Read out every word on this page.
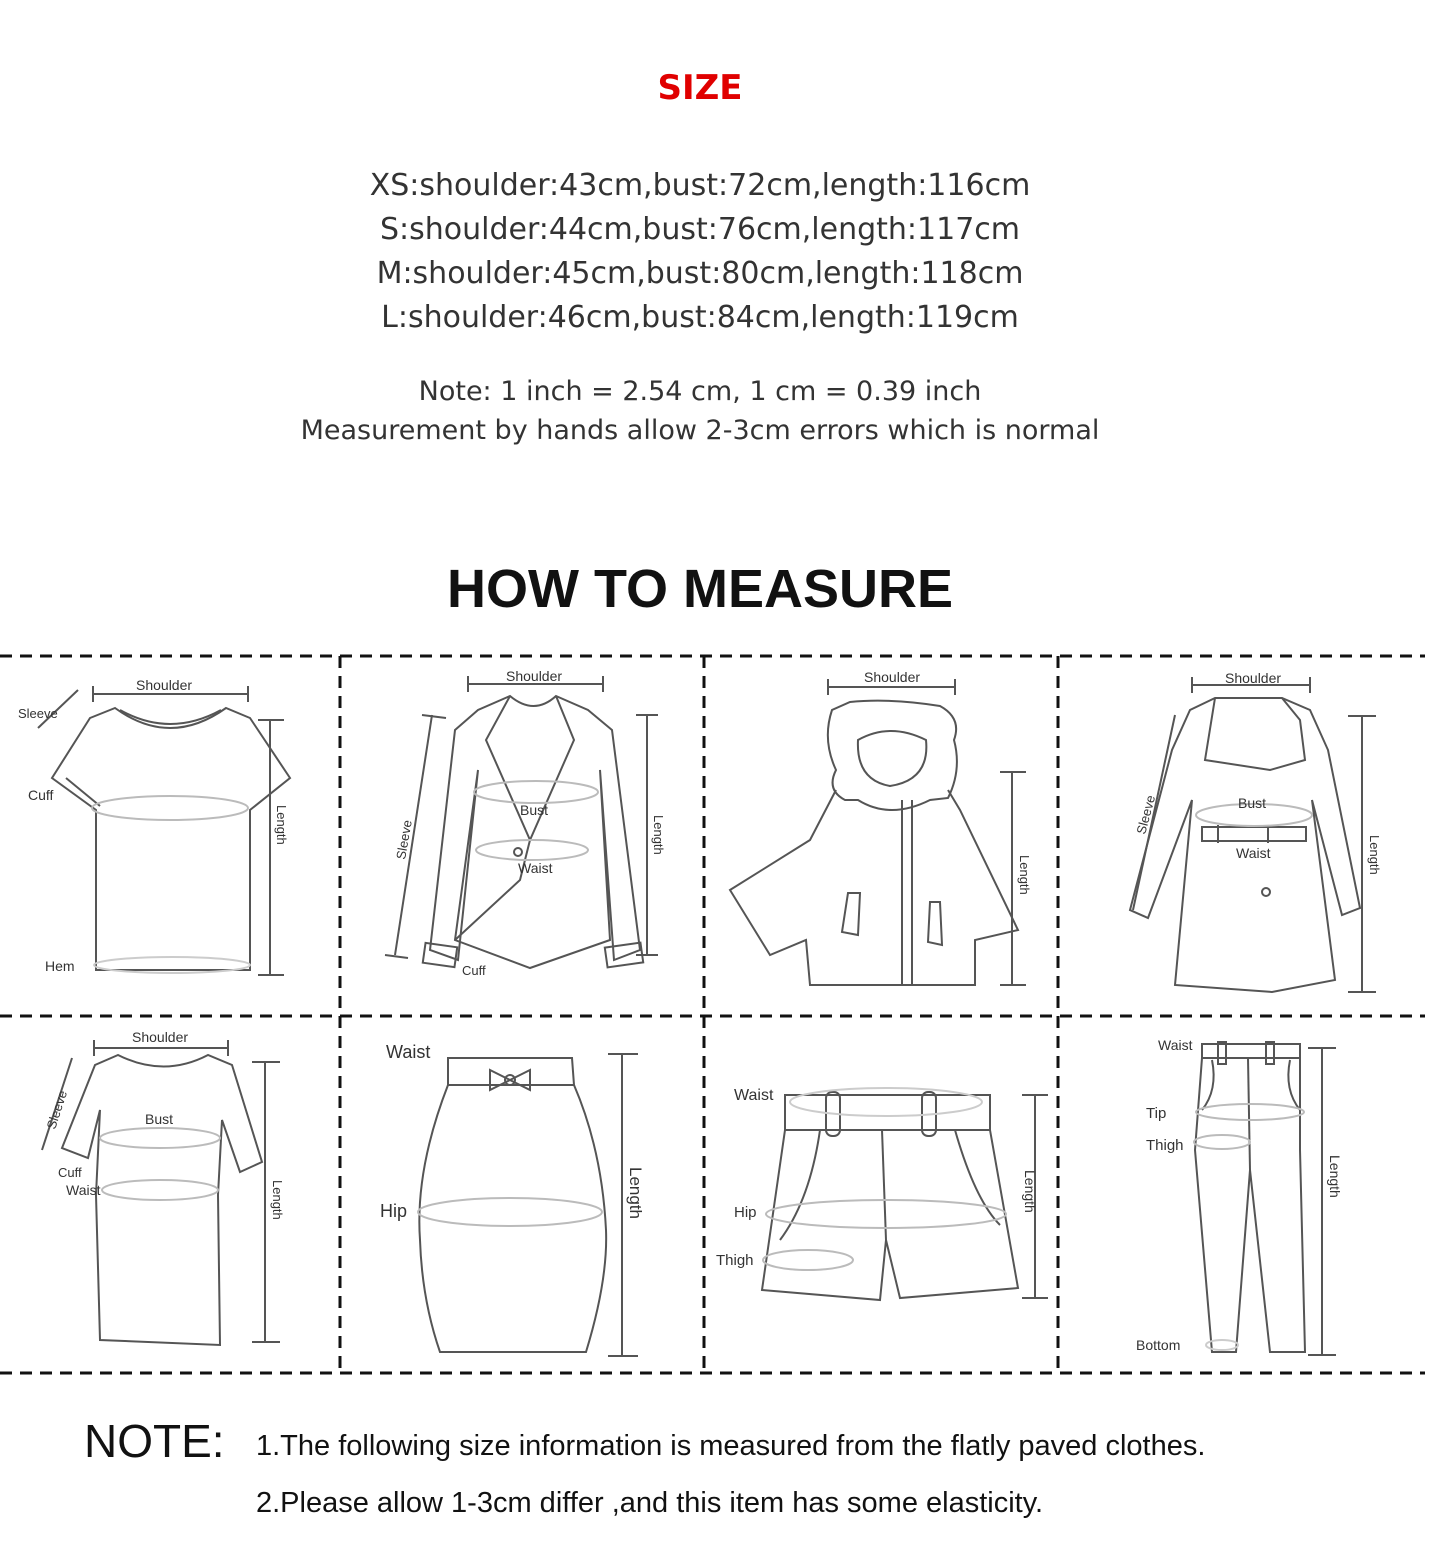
SIZE
XS:shoulder:43cm,bust:72cm,length:116cm
S:shoulder:44cm,bust:76cm,length:117cm
M:shoulder:45cm,bust:80cm,length:118cm
L:shoulder:46cm,bust:84cm,length:119cm
Note: 1 inch = 2.54 cm, 1 cm = 0.39 inch
Measurement by hands allow 2-3cm errors which is normal
HOW TO MEASURE
Shoulder
Sleeve
Cuff
Hem
Length
Shoulder
Sleeve
Bust
Waist
Cuff
Length
Shoulder
Length
Shoulder
Sleeve	Bust
Waist	Length
Shoulder
Sleeve	Bust
Cuff
Waist	Length
Waist
Hip	Length
Waist
Hip
Thigh
Length
Waist
Tip
Thigh
Bottom
Length
NOTE: 1.The following size information is measured from the flatly paved clothes.
2.Please allow 1-3cm differ ,and this item has some elasticity.
